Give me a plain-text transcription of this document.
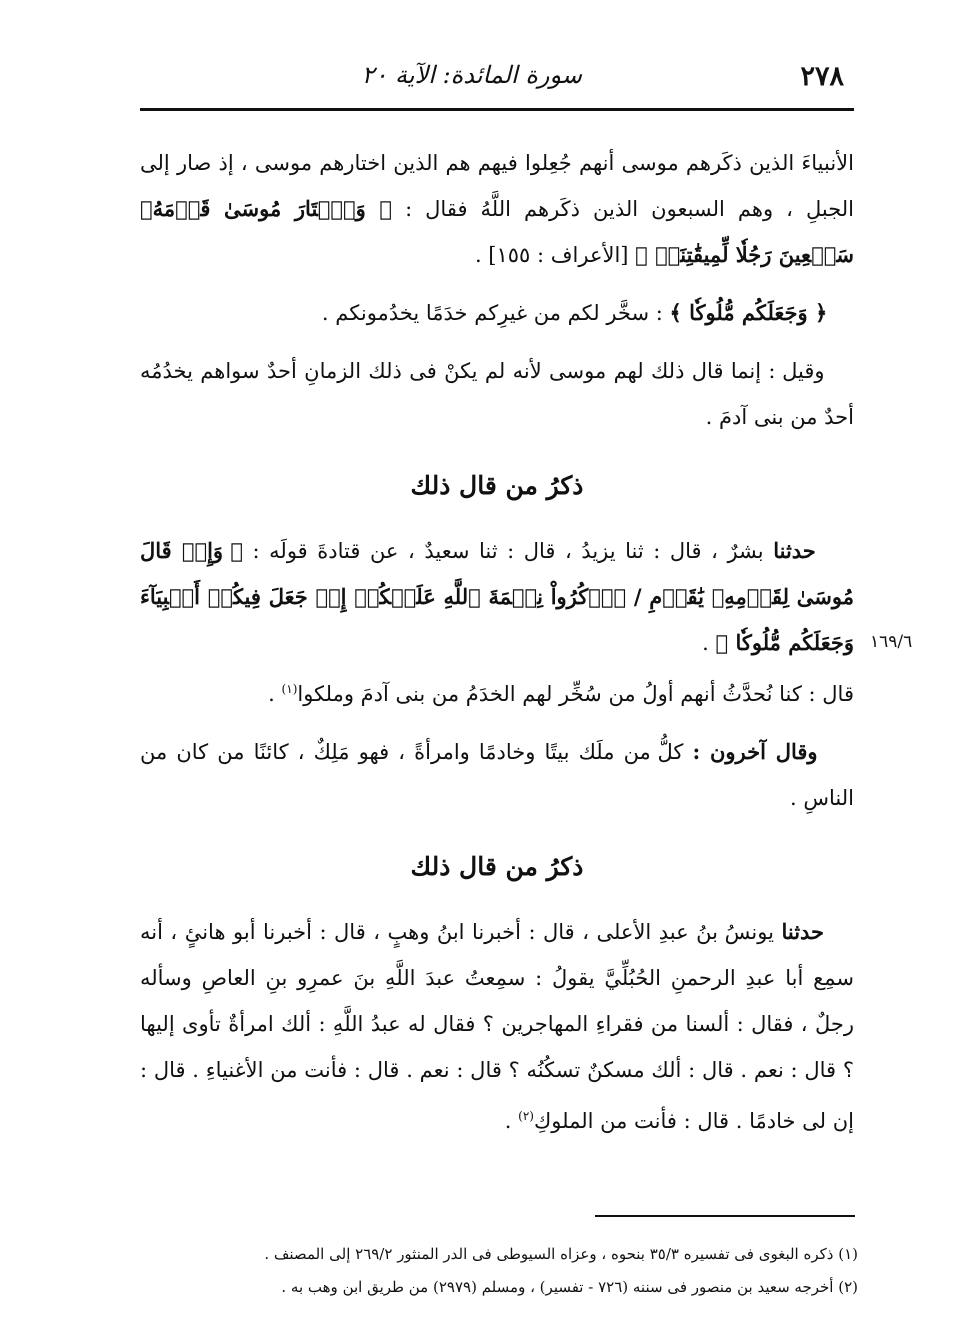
٢٧٨
سورة المائدة: الآية ٢٠
١٦٩/٦

الأنبياءَ الذين ذكَرهم موسى أنهم جُعِلوا فيهم هم الذين اختارهم موسى ، إذ صار إلى الجبلِ ، وهم السبعون الذين ذكَرهم اللَّهُ فقال : ﴿ وَٱخۡتَارَ مُوسَىٰ قَوۡمَهُۥ سَبۡعِينَ رَجُلٗا لِّمِيقَٰتِنَاۖ ﴾ [الأعراف : ١٥٥] .

﴿ وَجَعَلَكُم مُّلُوكٗا ﴾ : سخَّر لكم من غيرِكم خدَمًا يخدُمونكم .

وقيل : إنما قال ذلك لهم موسى لأنه لم يكنْ فى ذلك الزمانِ أحدٌ سواهم يخدُمُه أحدٌ من بنى آدمَ .

ذكرُ من قال ذلك

حدثنا بشرٌ ، قال : ثنا يزيدُ ، قال : ثنا سعيدٌ ، عن قتادةَ قولَه : ﴿ وَإِذۡ قَالَ مُوسَىٰ لِقَوۡمِهِۦ يَٰقَوۡمِ / ٱذۡكُرُواْ نِعۡمَةَ ٱللَّهِ عَلَيۡكُمۡ إِذۡ جَعَلَ فِيكُمۡ أَنۢبِيَآءَ وَجَعَلَكُم مُّلُوكٗا ﴾ .

قال : كنا نُحدَّثُ أنهم أولُ من سُخِّر لهم الخدَمُ من بنى آدمَ وملكوا$^{(١)}$ .

وقال آخرون : كلُّ من ملَك بيتًا وخادمًا وامرأةً ، فهو مَلِكٌ ، كائنًا من كان من الناسِ .

ذكرُ من قال ذلك

حدثنا يونسُ بنُ عبدِ الأعلى ، قال : أخبرنا ابنُ وهبٍ ، قال : أخبرنا أبو هانئٍ ، أنه سمِع أبا عبدِ الرحمنِ الحُبُلِّيَّ يقولُ : سمِعتُ عبدَ اللَّهِ بنَ عمرِو بنِ العاصِ وسأله رجلٌ ، فقال : ألسنا من فقراءِ المهاجرين ؟ فقال له عبدُ اللَّهِ : ألك امرأةٌ تأوى إليها ؟ قال : نعم . قال : ألك مسكنٌ تسكُنُه ؟ قال : نعم . قال : فأنت من الأغنياءِ . قال : إن لى خادمًا . قال : فأنت من الملوكِ$^{(٢)}$ .

(١) ذكره البغوى فى تفسيره ٣٥/٣ بنحوه ، وعزاه السيوطى فى الدر المنثور ٢٦٩/٢ إلى المصنف .

(٢) أخرجه سعيد بن منصور فى سننه (٧٢٦ - تفسير) ، ومسلم (٢٩٧٩) من طريق ابن وهب به .
